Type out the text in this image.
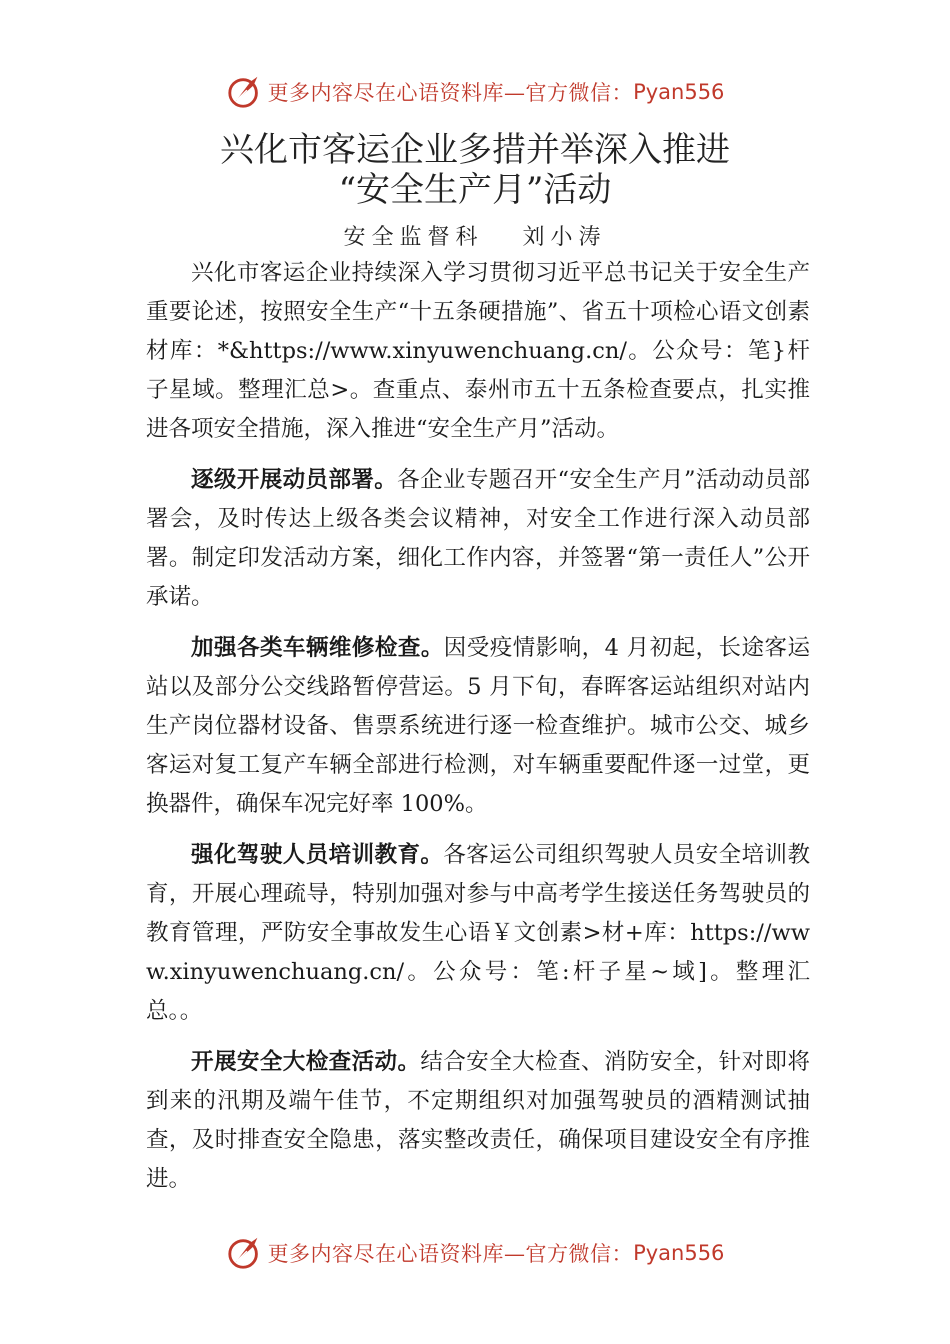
更多内容尽在心语资料库—官方微信： Pyan556
兴化市客运企业多措并举深入推进
“安全生产月”活动
安全监督科 刘小涛

兴化市客运企业持续深入学习贯彻习近平总书记关于安全生产重要论述，按照安全生产“十五条硬措施”、省五十项检心语文创素材库：*&https://www.xinyuwenchuang.cn/。公众号：笔}杆子星域。整理汇总>。查重点、泰州市五十五条检查要点，扎实推进各项安全措施，深入推进“安全生产月”活动。

逐级开展动员部署。各企业专题召开“安全生产月”活动动员部署会，及时传达上级各类会议精神，对安全工作进行深入动员部署。制定印发活动方案，细化工作内容，并签署“第一责任人”公开承诺。

加强各类车辆维修检查。因受疫情影响，4 月初起，长途客运站以及部分公交线路暂停营运。5 月下旬，春晖客运站组织对站内生产岗位器材设备、售票系统进行逐一检查维护。城市公交、城乡客运对复工复产车辆全部进行检测，对车辆重要配件逐一过堂，更换器件，确保车况完好率 100%。

强化驾驶人员培训教育。各客运公司组织驾驶人员安全培训教育，开展心理疏导，特别加强对参与中高考学生接送任务驾驶员的教育管理，严防安全事故发生心语￥文创素>材+库：https://www.xinyuwenchuang.cn/。公众号：笔:杆子星~域]。整理汇总。。

开展安全大检查活动。结合安全大检查、消防安全，针对即将到来的汛期及端午佳节，不定期组织对加强驾驶员的酒精测试抽查，及时排查安全隐患，落实整改责任，确保项目建设安全有序推进。

更多内容尽在心语资料库—官方微信： Pyan556
